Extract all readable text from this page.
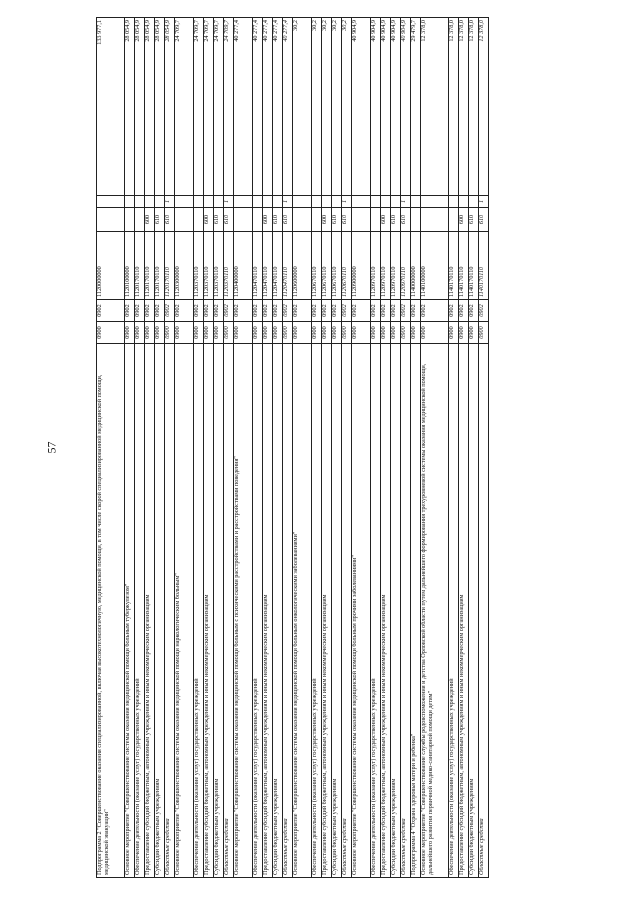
57	Подпрограмма 2 "Совершенствование оказания специализированной, включая высокотехнологичную, медицинской помощи, в том числе скорой специализированной медицинской помощи, медицинской эвакуации"	0900	0902	1120000000			133 977,1
Основное мероприятие "Совершенствование системы оказания медицинской помощи больным туберкулезом"	0900	0902	1120100000			28 054,9
Обеспечение деятельности (оказание услуг) государственных учреждений	0900	0902	1120170110			28 054,9
Предоставление субсидий бюджетным, автономным учреждениям и иным некоммерческим организациям	0900	0902	1120170110	600		28 054,9
Субсидии бюджетным учреждениям	0900	0902	1120170110	610		28 054,9
Областные средства	0900	0902	1120170110	610	1	28 054,9
Основное мероприятие "Совершенствование системы оказания медицинской помощи наркологическим больным"	0900	0902	1120300000			24 709,7
Обеспечение деятельности (оказание услуг) государственных учреждений	0900	0902	1120370110			24 709,7
Предоставление субсидий бюджетным, автономным учреждениям и иным некоммерческим организациям	0900	0902	1120370110	600		24 709,7
Субсидии бюджетным учреждениям	0900	0902	1120370110	610		24 709,7
Областные средства	0900	0902	1120370110	610	1	24 709,7
Основное мероприятие "Совершенствование системы оказания медицинской помощи больным с психическими расстройствами и расстройствами поведения"	0900	0902	1120400000			40 277,4
Обеспечение деятельности (оказание услуг) государственных учреждений	0900	0902	1120470110			40 277,4
Предоставление субсидий бюджетным, автономным учреждениям и иным некоммерческим организациям	0900	0902	1120470110	600		40 277,4
Субсидии бюджетным учреждениям	0900	0902	1120470110	610		40 277,4
Областные средства	0900	0902	1120470110	610	1	40 277,4
Основное мероприятие "Совершенствование системы оказания медицинской помощи больным онкологическими заболеваниями"	0900	0902	1120600000			30,2
Обеспечение деятельности (оказание услуг) государственных учреждений	0900	0902	1120670110			30,2
Предоставление субсидий бюджетным, автономным учреждениям и иным некоммерческим организациям	0900	0902	1120670110	600		30,2
Субсидии бюджетным учреждениям	0900	0902	1120670110	610		30,2
Областные средства	0900	0902	1120670110	610	1	30,2
Основное мероприятие "Совершенствование системы оказания медицинской помощи больным прочими заболеваниями"	0900	0902	1120900000			40 904,9
Обеспечение деятельности (оказание услуг) государственных учреждений	0900	0902	1120970110			40 904,9
Предоставление субсидий бюджетным, автономным учреждениям и иным некоммерческим организациям	0900	0902	1120970110	600		40 904,9
Субсидии бюджетным учреждениям	0900	0902	1120970110	610		40 904,9
Областные средства	0900	0902	1120970110	610	1	40 904,9
Подпрограмма 4 "Охрана здоровья матери и ребенка"	0900	0902	1140000000			29 479,7
Основное мероприятие "Совершенствование службы родовспоможения и детства Орловской области путем дальнейшего формирования трехуровневой системы оказания медицинской помощи, дальнейшего развития первичной медико-санитарной помощи детям"	0900	0902	1140100000			12 378,0
Обеспечение деятельности (оказание услуг) государственных учреждений	0900	0902	1140170110			12 378,0
Предоставление субсидий бюджетным, автономным учреждениям и иным некоммерческим организациям	0900	0902	1140170110	600		12 378,0
Субсидии бюджетным учреждениям	0900	0902	1140170110	610		12 378,0
Областные средства	0900	0902	1140170110	610	1	12 378,0
